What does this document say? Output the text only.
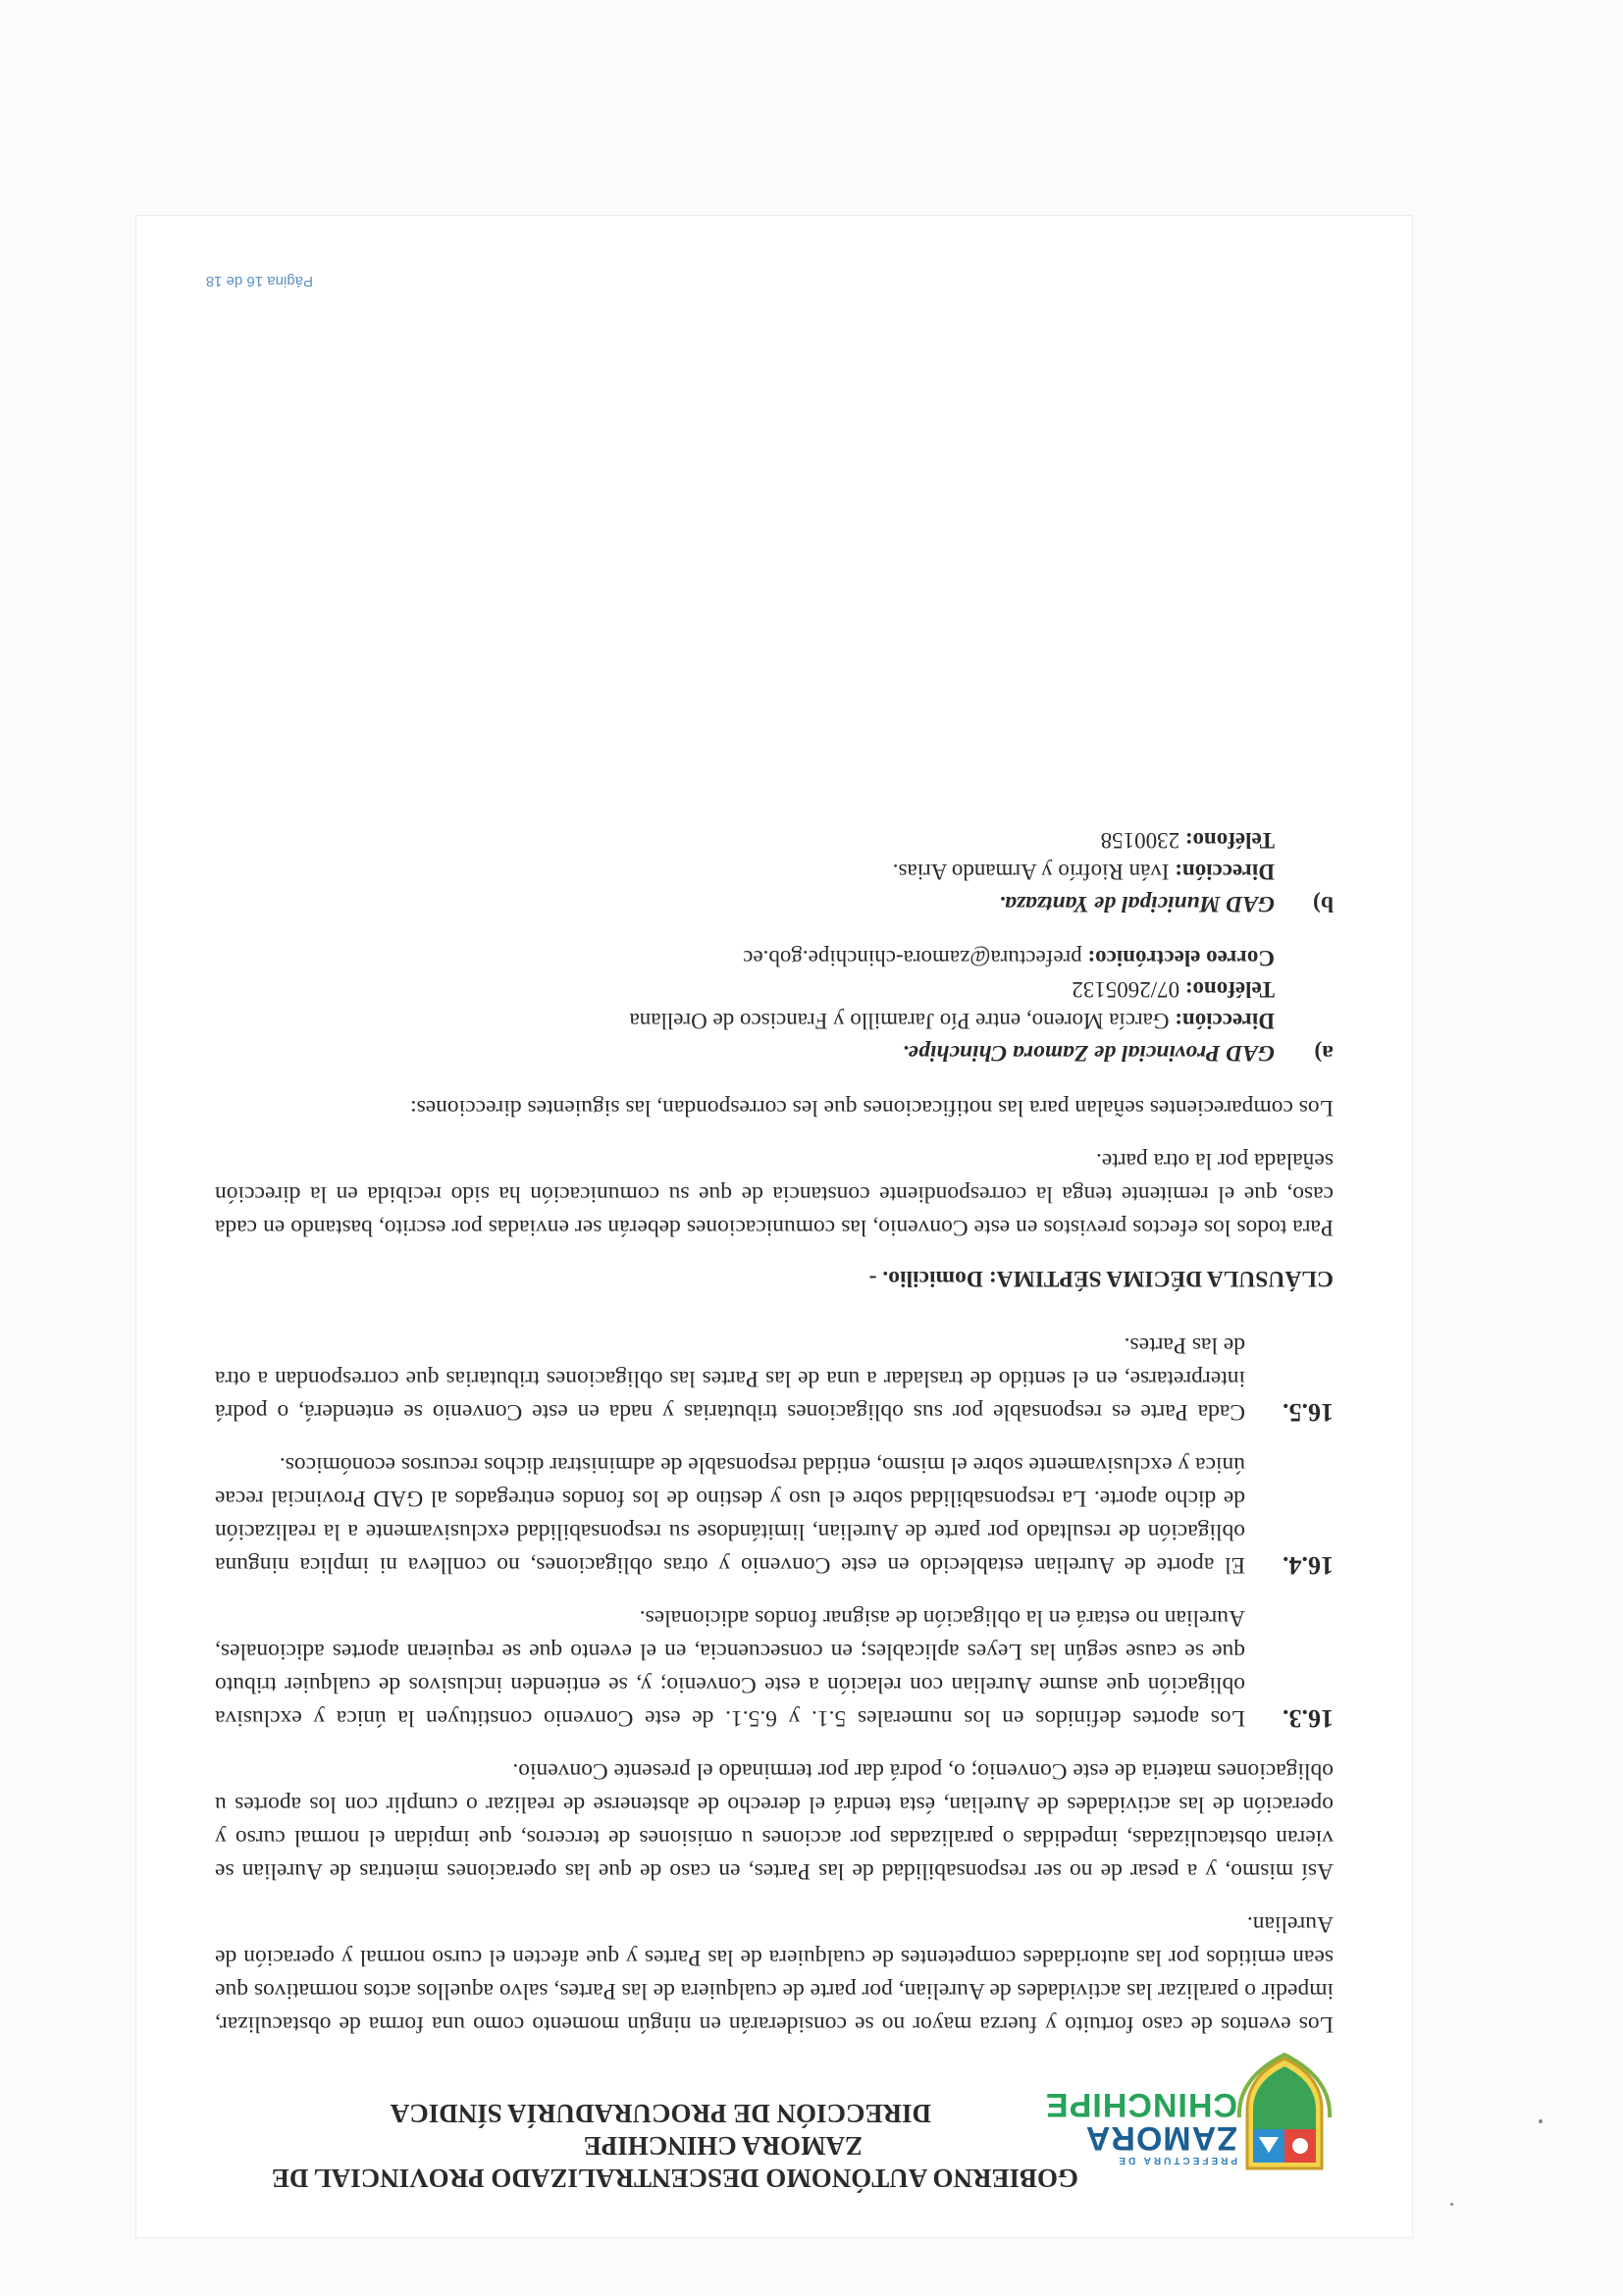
PREFECTURA DE
ZAMORA
CHINCHIPE
GOBIERNO AUTÓNOMO DESCENTRALIZADO PROVINCIAL DE
ZAMORA CHINCHIPE
DIRECCIÓN DE PROCURADURÍA SÍNDICA

Los eventos de caso fortuito y fuerza mayor no se considerarán en ningún momento como una forma de obstaculizar, impedir o paralizar las actividades de Aurelian, por parte de cualquiera de las Partes, salvo aquellos actos normativos que sean emitidos por las autoridades competentes de cualquiera de las Partes y que afecten el curso normal y operación de Aurelian.

Así mismo, y a pesar de no ser responsabilidad de las Partes, en caso de que las operaciones mientras de Aurelian se vieran obstaculizadas, impedidas o paralizadas por acciones u omisiones de terceros, que impidan el normal curso y operación de las actividades de Aurelian, ésta tendrá el derecho de abstenerse de realizar o cumplir con los aportes u obligaciones materia de este Convenio; o, podrá dar por terminado el presente Convenio.

16.3.
Los aportes definidos en los numerales 5.1. y 6.5.1. de este Convenio constituyen la única y exclusiva obligación que asume Aurelian con relación a este Convenio; y, se entienden inclusivos de cualquier tributo que se cause según las Leyes aplicables; en consecuencia, en el evento que se requieran aportes adicionales, Aurelian no estará en la obligación de asignar fondos adicionales.
16.4.
El aporte de Aurelian establecido en este Convenio y otras obligaciones, no conlleva ni implica ninguna obligación de resultado por parte de Aurelian, limitándose su responsabilidad exclusivamente a la realización de dicho aporte. La responsabilidad sobre el uso y destino de los fondos entregados al GAD Provincial recae única y exclusivamente sobre el mismo, entidad responsable de administrar dichos recursos económicos.
16.5.
Cada Parte es responsable por sus obligaciones tributarias y nada en este Convenio se entenderá, o podrá interpretarse, en el sentido de trasladar a una de las Partes las obligaciones tributarias que correspondan a otra de las Partes.
CLÁUSULA DÉCIMA SÉPTIMA: Domicilio. -

Para todos los efectos previstos en este Convenio, las comunicaciones deberán ser enviadas por escrito, bastando en cada caso, que el remitente tenga la correspondiente constancia de que su comunicación ha sido recibida en la dirección señalada por la otra parte.

Los comparecientes señalan para las notificaciones que les correspondan, las siguientes direcciones:

a)
GAD Provincial de Zamora Chinchipe.
Dirección: García Moreno, entre Pío Jaramillo y Francisco de Orellana
Teléfono: 07/2605132
Correo electrónico: prefectura@zamora-chinchipe.gob.ec
b)
GAD Municipal de Yantzaza.
Dirección: Iván Riofrío y Armando Arias.
Teléfono: 2300158
Página 16 de 18
